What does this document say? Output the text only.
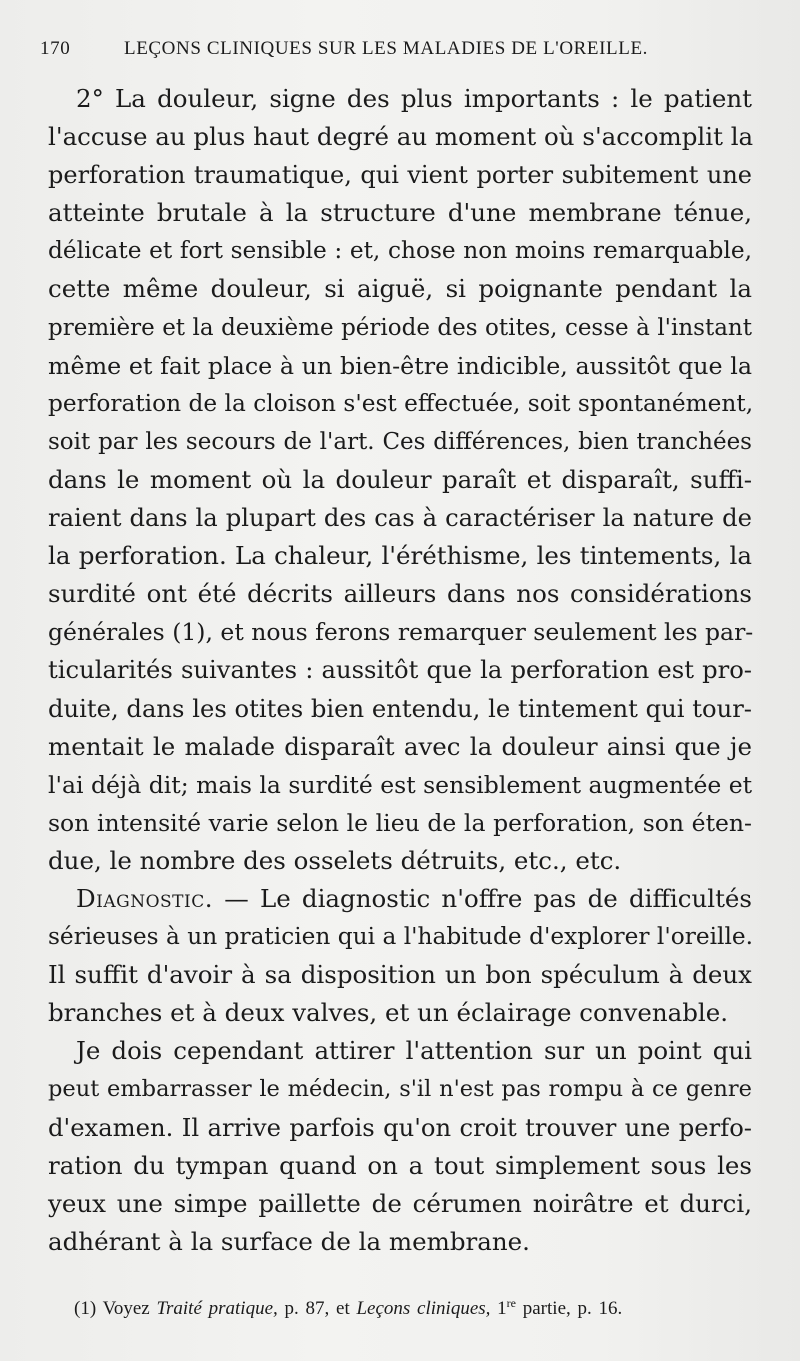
170	LEÇONS CLINIQUES SUR LES MALADIES DE L'OREILLE.
2° La douleur, signe des plus importants : le patient
l'accuse au plus haut degré au moment où s'accomplit la
perforation traumatique, qui vient porter subitement une
atteinte brutale à la structure d'une membrane ténue,
délicate et fort sensible : et, chose non moins remarquable,
cette même douleur, si aiguë, si poignante pendant la
première et la deuxième période des otites, cesse à l'instant
même et fait place à un bien-être indicible, aussitôt que la
perforation de la cloison s'est effectuée, soit spontanément,
soit par les secours de l'art. Ces différences, bien tranchées
dans le moment où la douleur paraît et disparaît, suffi-
raient dans la plupart des cas à caractériser la nature de
la perforation. La chaleur, l'éréthisme, les tintements, la
surdité ont été décrits ailleurs dans nos considérations
générales (1), et nous ferons remarquer seulement les par-
ticularités suivantes : aussitôt que la perforation est pro-
duite, dans les otites bien entendu, le tintement qui tour-
mentait le malade disparaît avec la douleur ainsi que je
l'ai déjà dit; mais la surdité est sensiblement augmentée et
son intensité varie selon le lieu de la perforation, son éten-
due, le nombre des osselets détruits, etc., etc.
Diagnostic. — Le diagnostic n'offre pas de difficultés
sérieuses à un praticien qui a l'habitude d'explorer l'oreille.
Il suffit d'avoir à sa disposition un bon spéculum à deux
branches et à deux valves, et un éclairage convenable.
Je dois cependant attirer l'attention sur un point qui
peut embarrasser le médecin, s'il n'est pas rompu à ce genre
d'examen. Il arrive parfois qu'on croit trouver une perfo-
ration du tympan quand on a tout simplement sous les
yeux une simpe paillette de cérumen noirâtre et durci,
adhérant à la surface de la membrane.
(1) Voyez Traité pratique, p. 87, et Leçons cliniques, 1re partie, p. 16.
